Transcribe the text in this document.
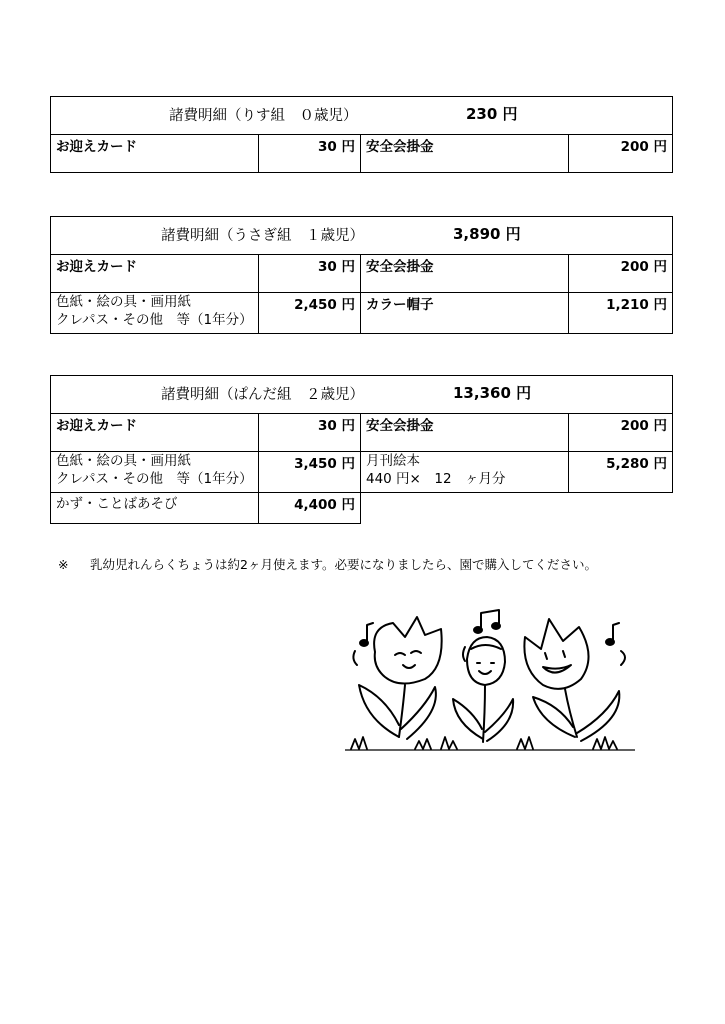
諸費明細（りす組　０歳児）	230 円

お迎えカード	30 円	安全会掛金	200 円
諸費明細（うさぎ組　１歳児） 3,890 円			

お迎えカード	30 円	安全会掛金	200 円

色紙・絵の具・画用紙
クレパス・その他　等（1年分）	2,450 円	カラー帽子	1,210 円
諸費明細（ぱんだ組　２歳児） 13,360 円			

お迎えカード	30 円	安全会掛金	200 円

色紙・絵の具・画用紙
クレパス・その他　等（1年分）	3,450 円	月刊絵本
440 円×　12　ヶ月分	5,280 円

かず・ことばあそび	4,400 円		

※ 乳幼児れんらくちょうは約2ヶ月使えます。必要になりましたら、園で購入してください。
